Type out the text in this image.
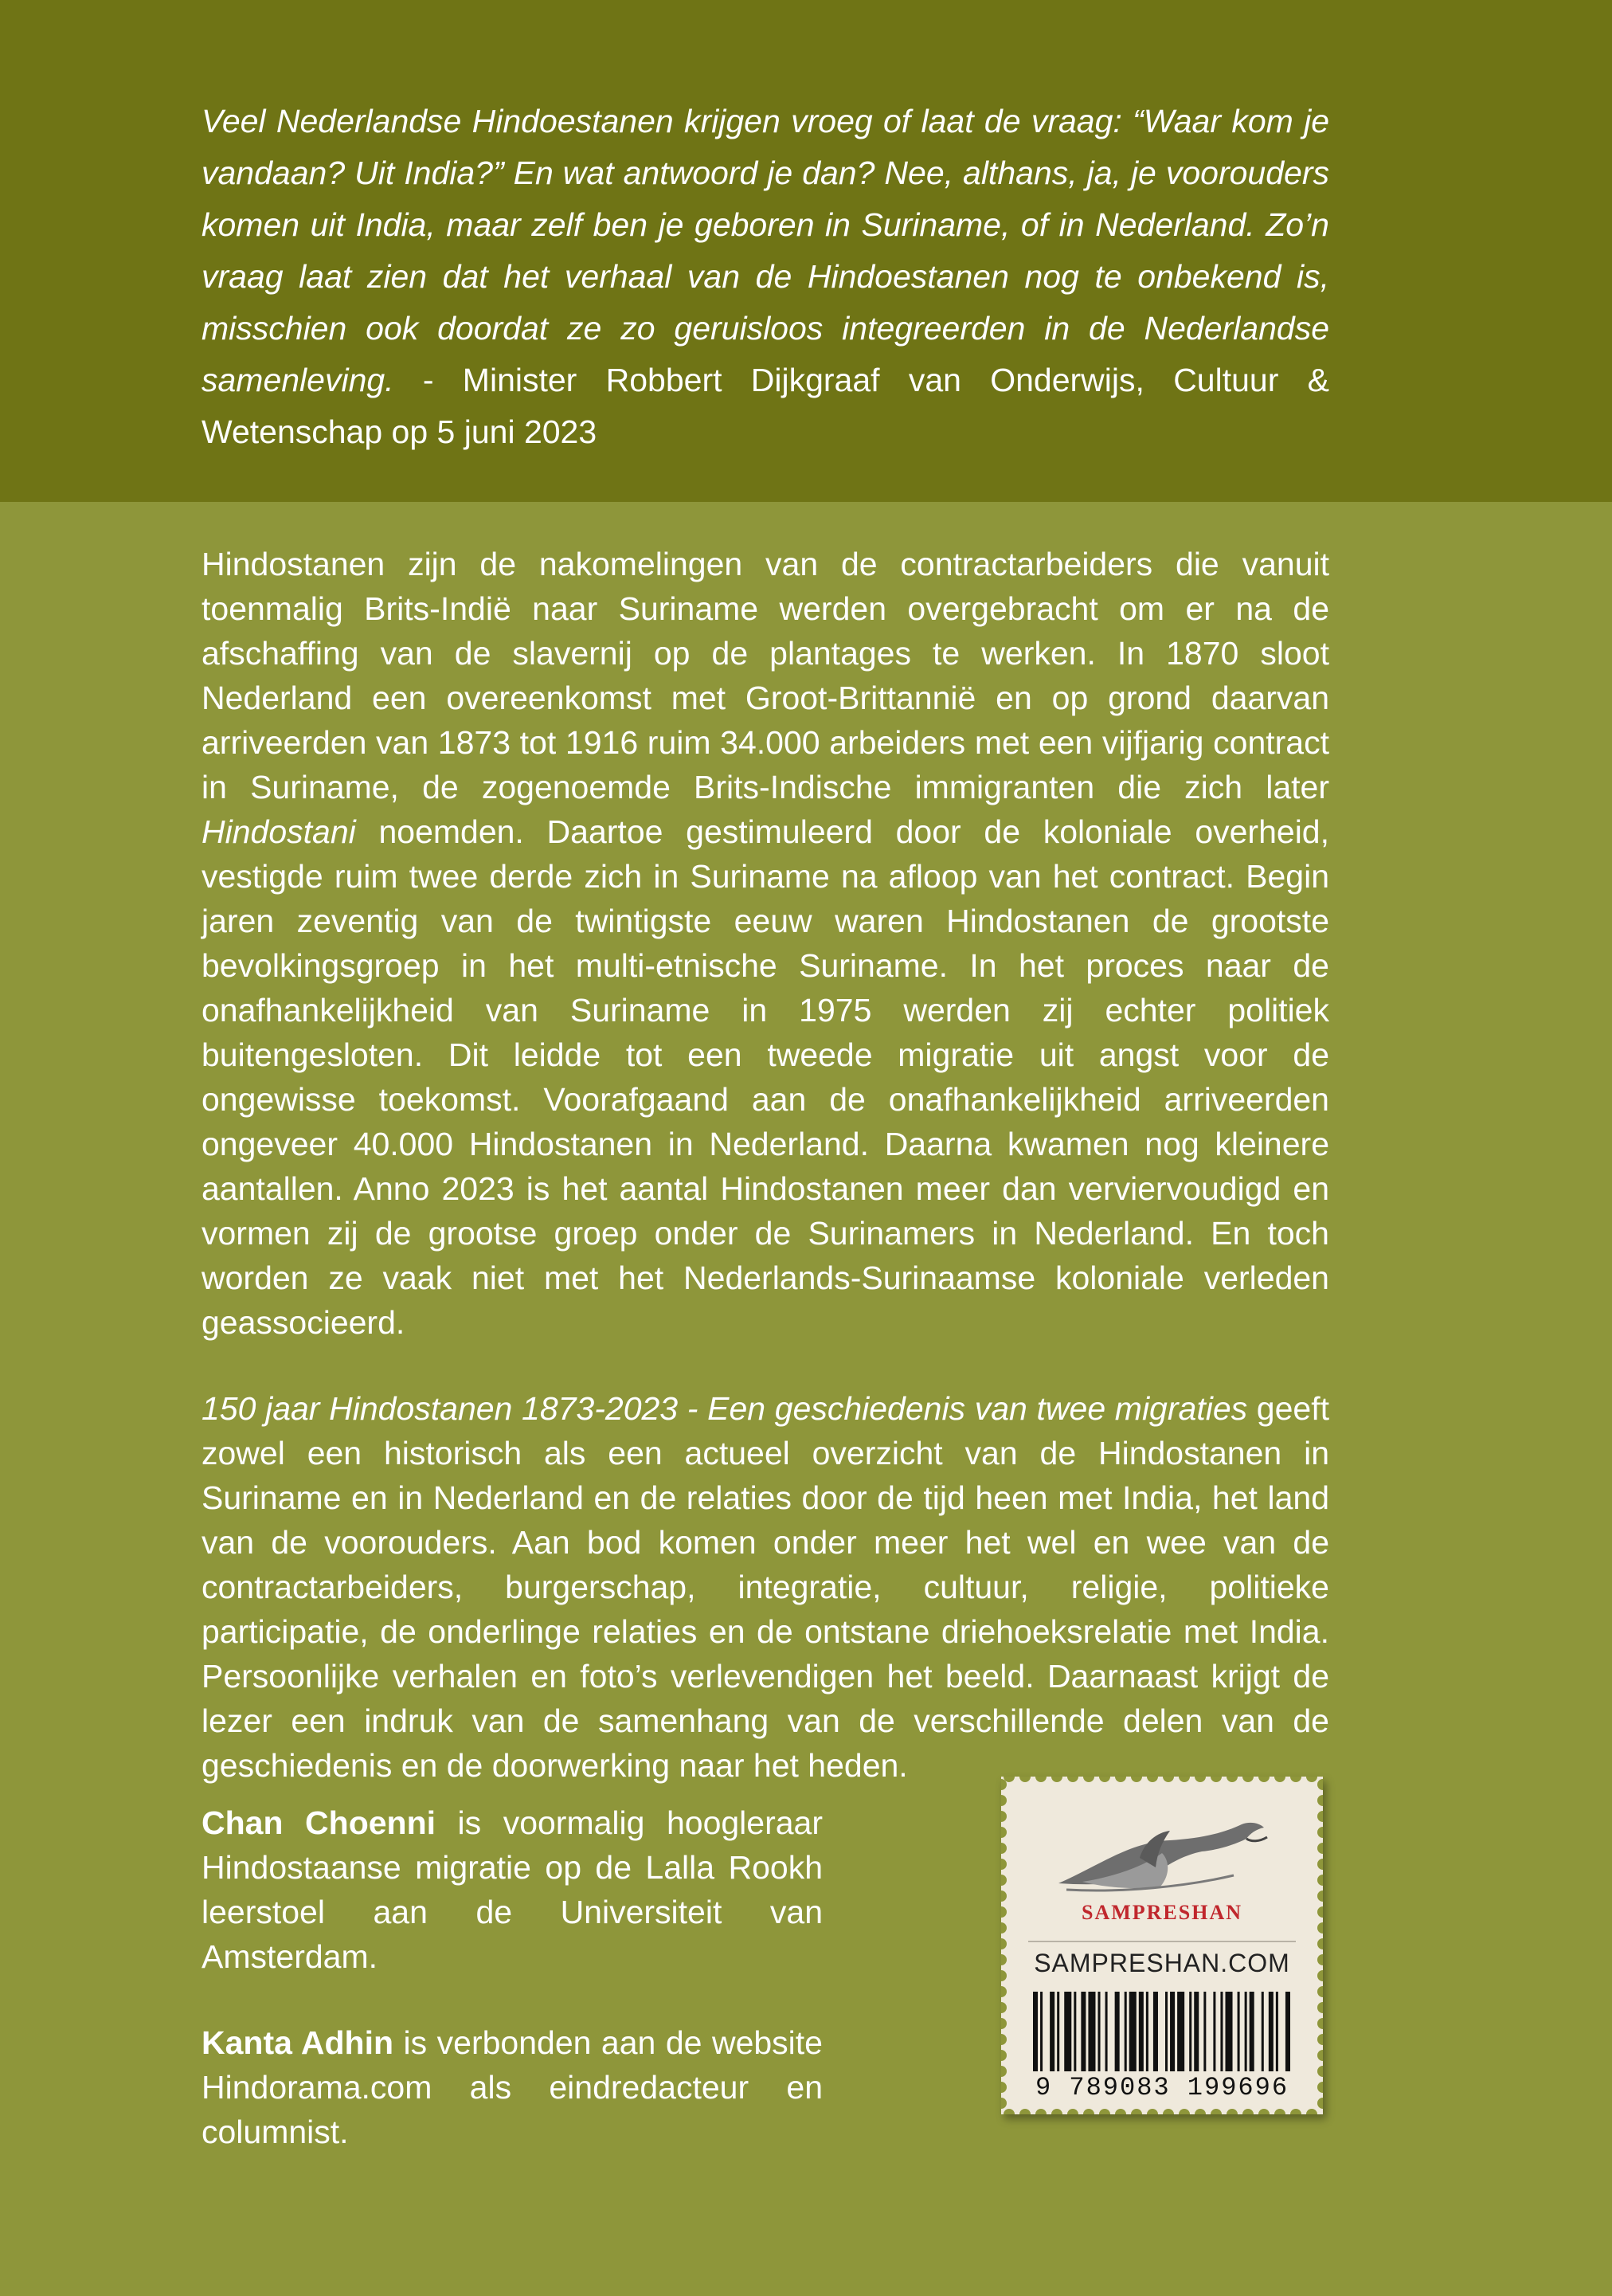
Veel Nederlandse Hindoestanen krijgen vroeg of laat de vraag: “Waar kom je vandaan? Uit India?” En wat antwoord je dan? Nee, althans, ja, je voorouders komen uit India, maar zelf ben je geboren in Suriname, of in Nederland. Zo’n vraag laat zien dat het verhaal van de Hindoestanen nog te onbekend is, misschien ook doordat ze zo geruisloos integreerden in de Nederlandse samenleving. - Minister Robbert Dijkgraaf van Onderwijs, Cultuur & Wetenschap op 5 juni 2023

Hindostanen zijn de nakomelingen van de contractarbeiders die vanuit toenmalig Brits-Indië naar Suriname werden overgebracht om er na de afschaffing van de slavernij op de plantages te werken. In 1870 sloot Nederland een overeenkomst met Groot-Brittannië en op grond daarvan arriveerden van 1873 tot 1916 ruim 34.000 arbeiders met een vijfjarig contract in Suriname, de zogenoemde Brits-Indische immigranten die zich later Hindostani noemden. Daartoe gestimuleerd door de koloniale overheid, vestigde ruim twee derde zich in Suriname na afloop van het contract. Begin jaren zeventig van de twintigste eeuw waren Hindostanen de grootste bevolkingsgroep in het multi-etnische Suriname. In het proces naar de onafhankelijkheid van Suriname in 1975 werden zij echter politiek buitengesloten. Dit leidde tot een tweede migratie uit angst voor de ongewisse toekomst. Voorafgaand aan de onafhankelijkheid arriveerden ongeveer 40.000 Hindostanen in Nederland. Daarna kwamen nog kleinere aantallen. Anno 2023 is het aantal Hindostanen meer dan verviervoudigd en vormen zij de grootse groep onder de Surinamers in Nederland. En toch worden ze vaak niet met het Nederlands-Surinaamse koloniale verleden geassocieerd.

150 jaar Hindostanen 1873-2023 - Een geschiedenis van twee migraties geeft zowel een historisch als een actueel overzicht van de Hindostanen in Suriname en in Nederland en de relaties door de tijd heen met India, het land van de voorouders. Aan bod komen onder meer het wel en wee van de contractarbeiders, burgerschap, integratie, cultuur, religie, politieke participatie, de onderlinge relaties en de ontstane driehoeksrelatie met India. Persoonlijke verhalen en foto’s verlevendigen het beeld. Daarnaast krijgt de lezer een indruk van de samenhang van de verschillende delen van de geschiedenis en de doorwerking naar het heden.

Chan Choenni is voormalig hoogleraar Hindostaanse migratie op de Lalla Rookh leerstoel aan de Universiteit van Amsterdam.

Kanta Adhin is verbonden aan de website Hindorama.com als eindredacteur en columnist.

SAMPRESHAN
SAMPRESHAN.COM
9 789083 199696
